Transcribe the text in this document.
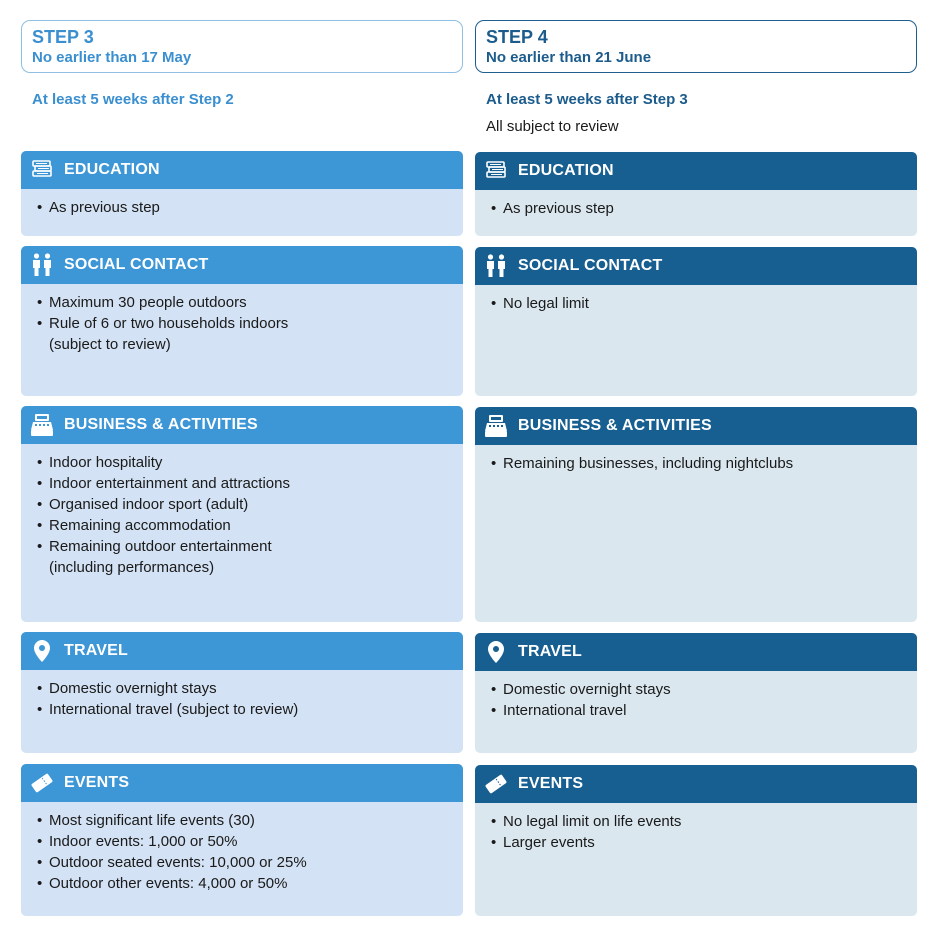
STEP 3
No earlier than 17 May
At least 5 weeks after Step 2
EDUCATION
• As previous step
SOCIAL CONTACT
• Maximum 30 people outdoors
• Rule of 6 or two households indoors
(subject to review)
BUSINESS & ACTIVITIES
• Indoor hospitality
• Indoor entertainment and attractions
• Organised indoor sport (adult)
• Remaining accommodation
• Remaining outdoor entertainment
(including performances)
TRAVEL
• Domestic overnight stays
• International travel (subject to review)
EVENTS
• Most significant life events (30)
• Indoor events: 1,000 or 50%
• Outdoor seated events: 10,000 or 25%
• Outdoor other events: 4,000 or 50%
STEP 4
No earlier than 21 June
At least 5 weeks after Step 3
All subject to review
EDUCATION
• As previous step
SOCIAL CONTACT
• No legal limit
BUSINESS & ACTIVITIES
• Remaining businesses, including nightclubs
TRAVEL
• Domestic overnight stays
• International travel
EVENTS
• No legal limit on life events
• Larger events
